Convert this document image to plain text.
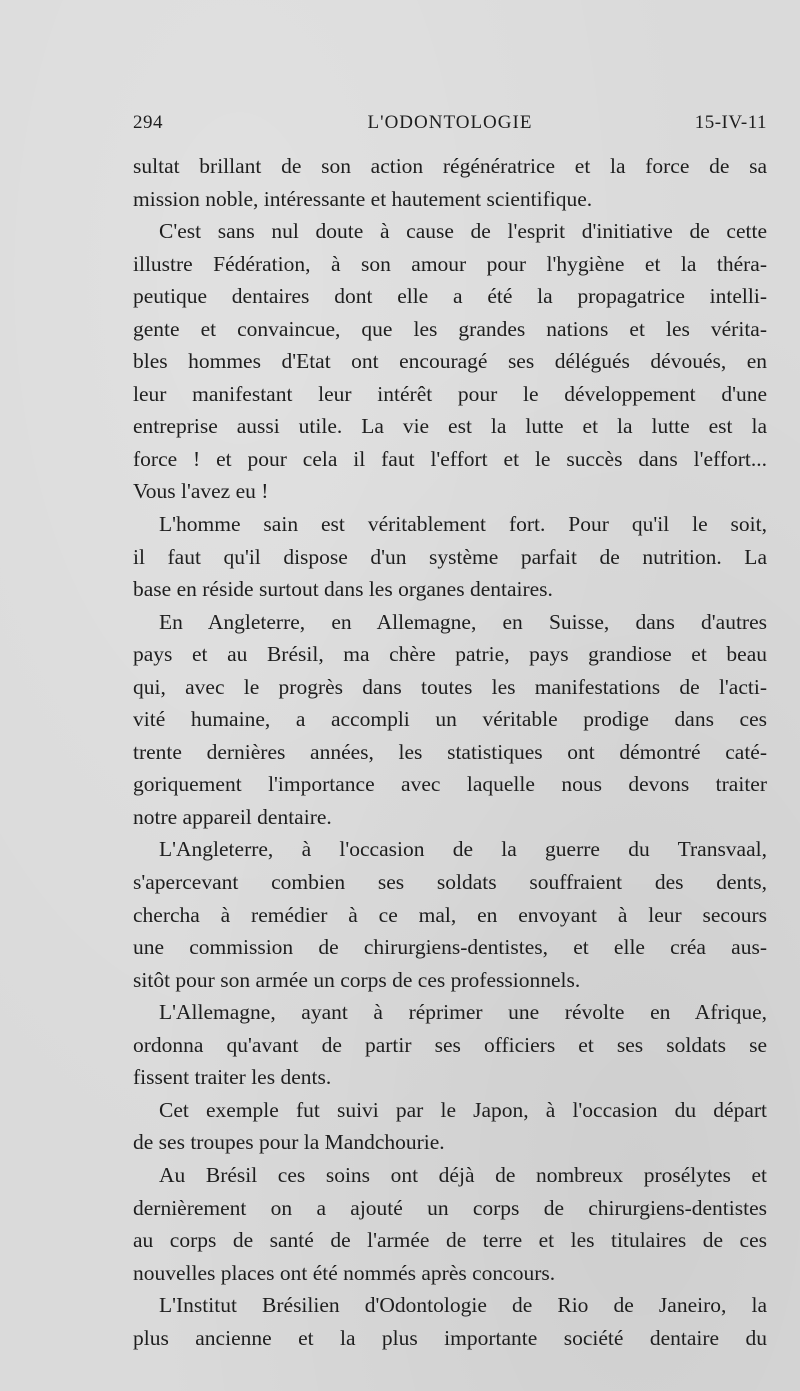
294	L'ODONTOLOGIE	15-IV-11
sultat brillant de son action régénératrice et la force de sa
mission noble, intéressante et hautement scientifique.
C'est sans nul doute à cause de l'esprit d'initiative de cette
illustre Fédération, à son amour pour l'hygiène et la théra-
peutique dentaires dont elle a été la propagatrice intelli-
gente et convaincue, que les grandes nations et les vérita-
bles hommes d'Etat ont encouragé ses délégués dévoués, en
leur manifestant leur intérêt pour le développement d'une
entreprise aussi utile. La vie est la lutte et la lutte est la
force ! et pour cela il faut l'effort et le succès dans l'effort...
Vous l'avez eu !
L'homme sain est véritablement fort. Pour qu'il le soit,
il faut qu'il dispose d'un système parfait de nutrition. La
base en réside surtout dans les organes dentaires.
En Angleterre, en Allemagne, en Suisse, dans d'autres
pays et au Brésil, ma chère patrie, pays grandiose et beau
qui, avec le progrès dans toutes les manifestations de l'acti-
vité humaine, a accompli un véritable prodige dans ces
trente dernières années, les statistiques ont démontré caté-
goriquement l'importance avec laquelle nous devons traiter
notre appareil dentaire.
L'Angleterre, à l'occasion de la guerre du Transvaal,
s'apercevant combien ses soldats souffraient des dents,
chercha à remédier à ce mal, en envoyant à leur secours
une commission de chirurgiens-dentistes, et elle créa aus-
sitôt pour son armée un corps de ces professionnels.
L'Allemagne, ayant à réprimer une révolte en Afrique,
ordonna qu'avant de partir ses officiers et ses soldats se
fissent traiter les dents.
Cet exemple fut suivi par le Japon, à l'occasion du départ
de ses troupes pour la Mandchourie.
Au Brésil ces soins ont déjà de nombreux prosélytes et
dernièrement on a ajouté un corps de chirurgiens-dentistes
au corps de santé de l'armée de terre et les titulaires de ces
nouvelles places ont été nommés après concours.
L'Institut Brésilien d'Odontologie de Rio de Janeiro, la
plus ancienne et la plus importante société dentaire du
